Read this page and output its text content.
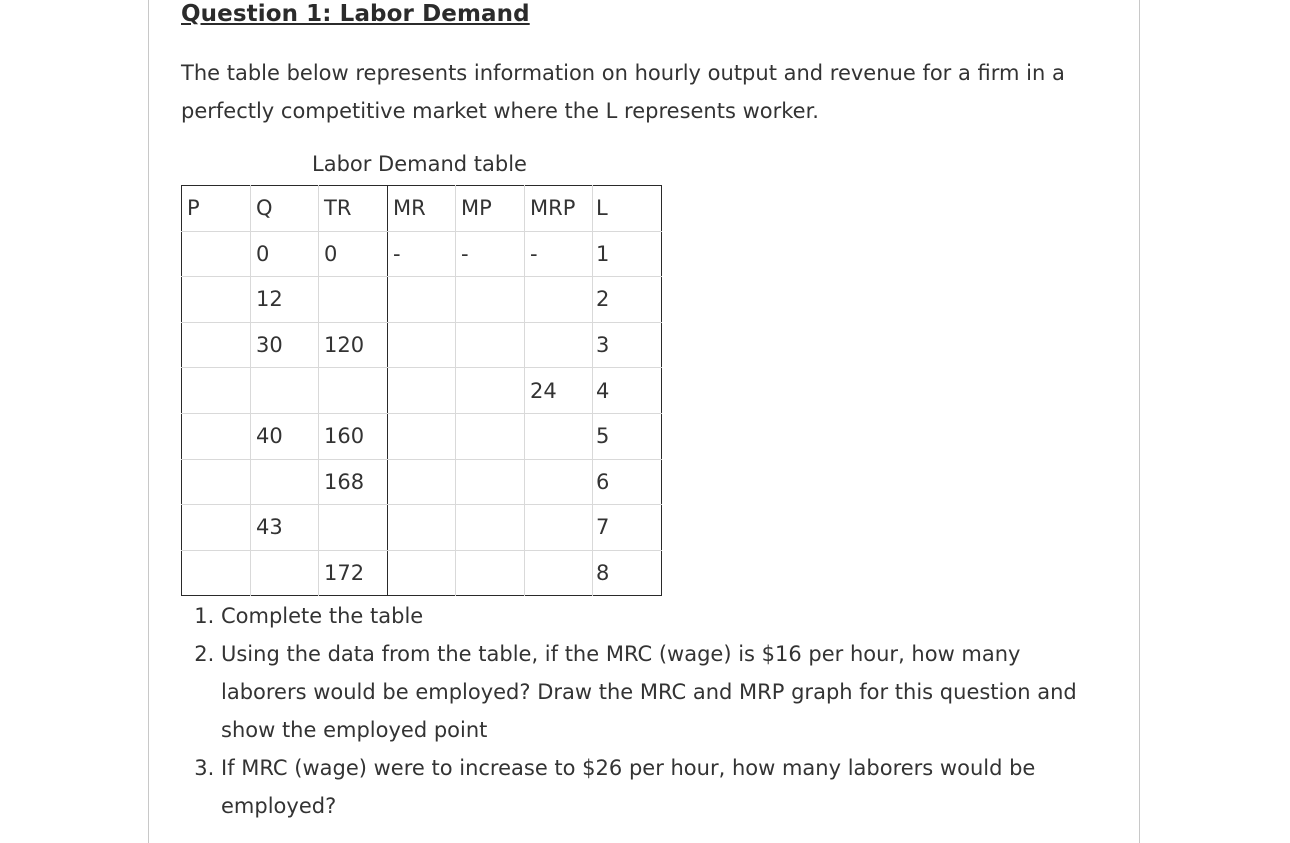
Question 1: Labor Demand

The table below represents information on hourly output and revenue for a firm in a perfectly competitive market where the L represents worker.

Labor Demand table
P	Q	TR	MR	MP	MRP	L
	0	0	-	-	-	1
	12					2
	30	120				3
					24	4
	40	160				5
		168				6
	43					7
		172				8
1. Complete the table
2. Using the data from the table, if the MRC (wage) is $16 per hour, how many laborers would be employed? Draw the MRC and MRP graph for this question and show the employed point
3. If MRC (wage) were to increase to $26 per hour, how many laborers would be employed?
